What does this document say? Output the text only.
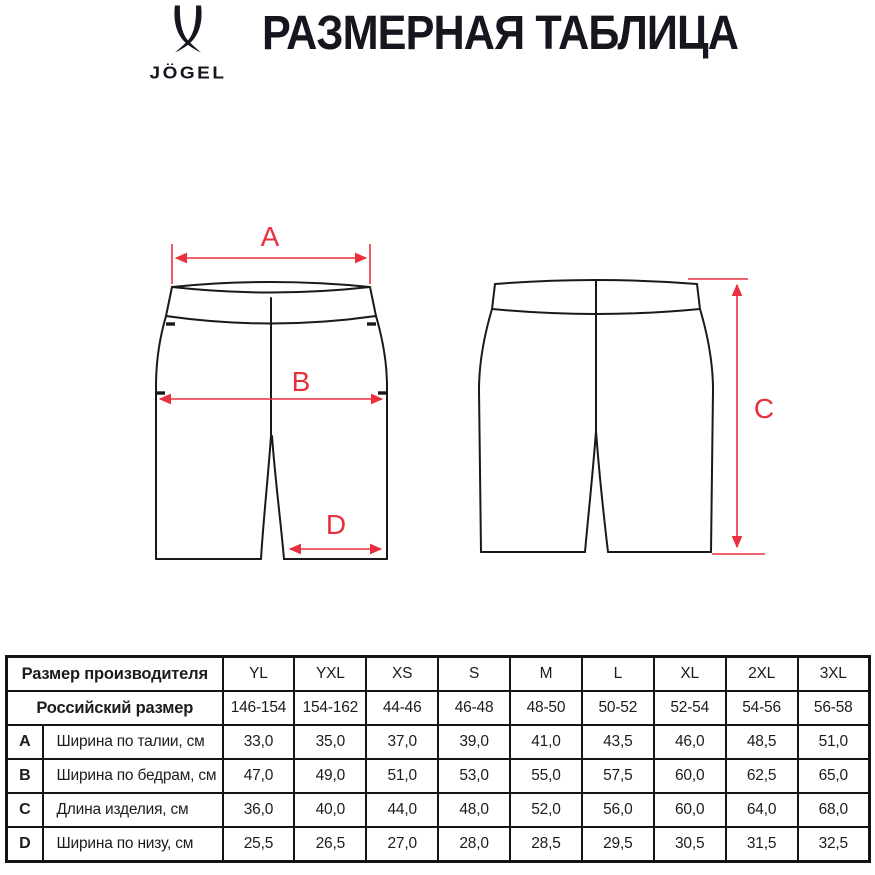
JÖGEL
РАЗМЕРНАЯ ТАБЛИЦА
A
B
D
C
Размер производителя		YL	YXL	XS	S	M	L	XL	2XL	3XL
Российский размер		146-154	154-162	44-46	46-48	48-50	50-52	52-54	54-56	56-58
A	Ширина по талии, см	33,0	35,0	37,0	39,0	41,0	43,5	46,0	48,5	51,0
B	Ширина по бедрам, см	47,0	49,0	51,0	53,0	55,0	57,5	60,0	62,5	65,0
C	Длина изделия, см	36,0	40,0	44,0	48,0	52,0	56,0	60,0	64,0	68,0
D	Ширина по низу, см	25,5	26,5	27,0	28,0	28,5	29,5	30,5	31,5	32,5
